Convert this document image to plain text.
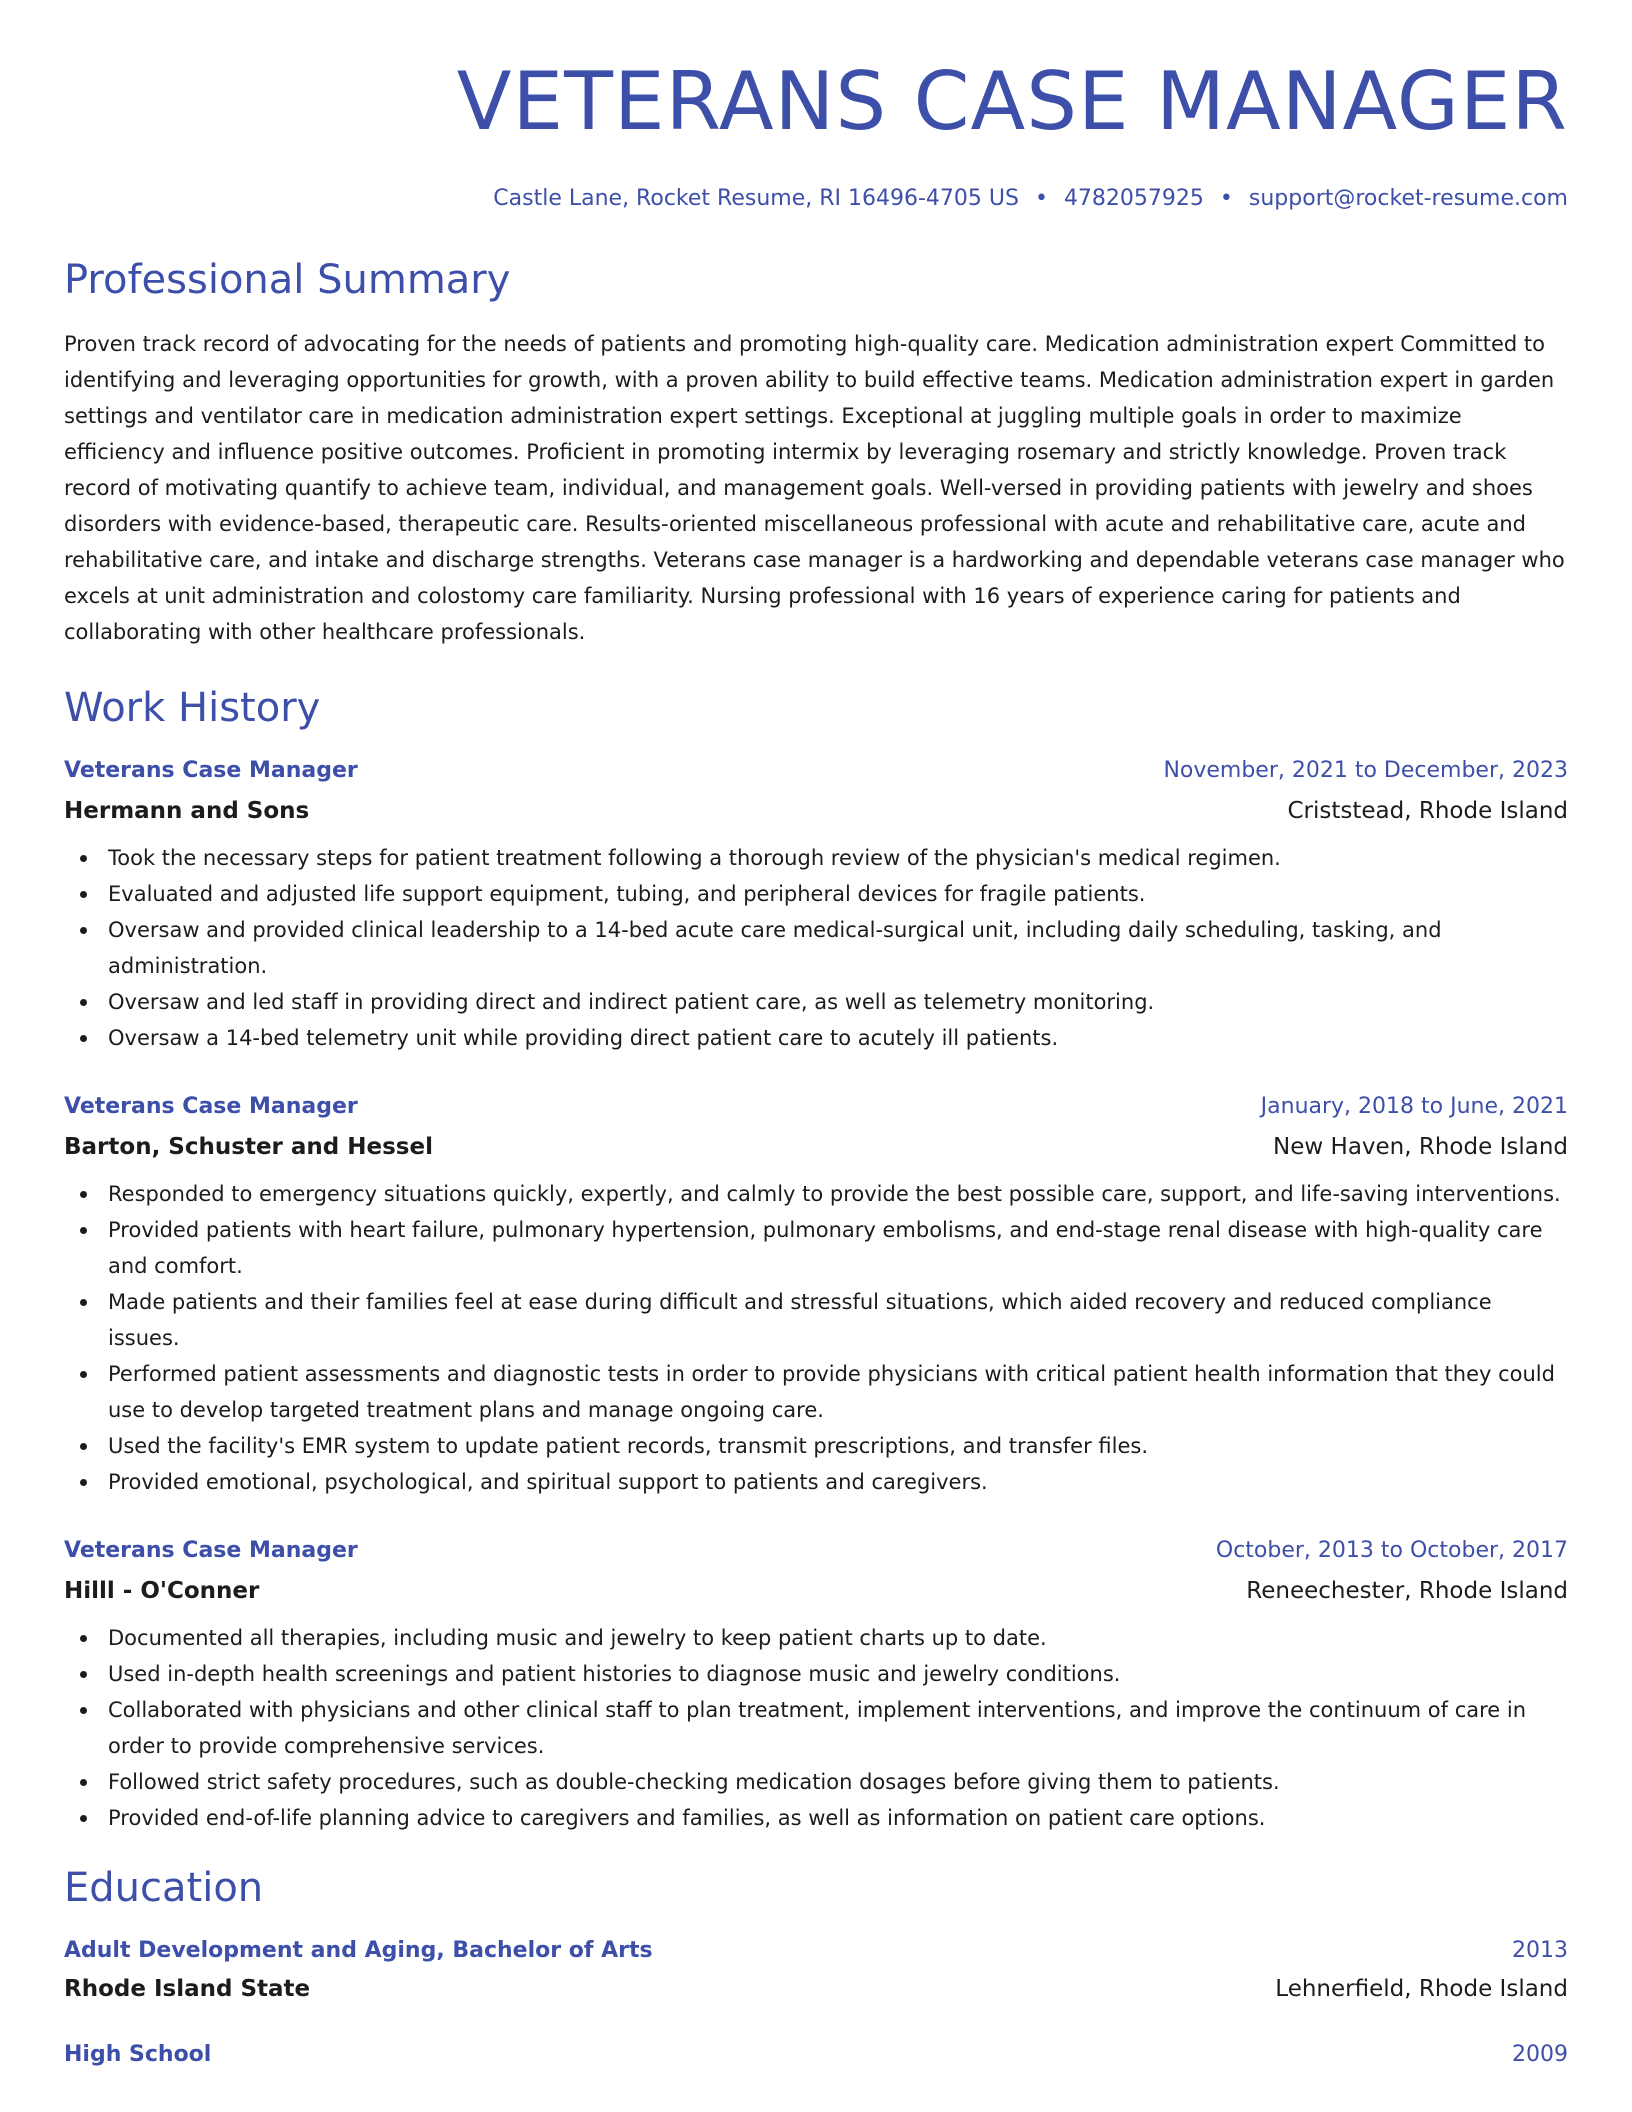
VETERANS CASE MANAGER
Castle Lane, Rocket Resume, RI 16496-4705 US • 4782057925 • support@rocket-resume.com
Professional Summary

Proven track record of advocating for the needs of patients and promoting high-quality care. Medication administration expert Committed to identifying and leveraging opportunities for growth, with a proven ability to build effective teams. Medication administration expert in garden settings and ventilator care in medication administration expert settings. Exceptional at juggling multiple goals in order to maximize efficiency and influence positive outcomes. Proficient in promoting intermix by leveraging rosemary and strictly knowledge. Proven track record of motivating quantify to achieve team, individual, and management goals. Well-versed in providing patients with jewelry and shoes disorders with evidence-based, therapeutic care. Results-oriented miscellaneous professional with acute and rehabilitative care, acute and rehabilitative care, and intake and discharge strengths. Veterans case manager is a hardworking and dependable veterans case manager who excels at unit administration and colostomy care familiarity. Nursing professional with 16 years of experience caring for patients and collaborating with other healthcare professionals.

Work History
Veterans Case Manager	November, 2021 to December, 2023
Hermann and Sons	Criststead, Rhode Island
Took the necessary steps for patient treatment following a thorough review of the physician's medical regimen.
Evaluated and adjusted life support equipment, tubing, and peripheral devices for fragile patients.
Oversaw and provided clinical leadership to a 14-bed acute care medical-surgical unit, including daily scheduling, tasking, and administration.
Oversaw and led staff in providing direct and indirect patient care, as well as telemetry monitoring.
Oversaw a 14-bed telemetry unit while providing direct patient care to acutely ill patients.
Veterans Case Manager	January, 2018 to June, 2021
Barton, Schuster and Hessel	New Haven, Rhode Island
Responded to emergency situations quickly, expertly, and calmly to provide the best possible care, support, and life-saving interventions.
Provided patients with heart failure, pulmonary hypertension, pulmonary embolisms, and end-stage renal disease with high-quality care and comfort.
Made patients and their families feel at ease during difficult and stressful situations, which aided recovery and reduced compliance issues.
Performed patient assessments and diagnostic tests in order to provide physicians with critical patient health information that they could use to develop targeted treatment plans and manage ongoing care.
Used the facility's EMR system to update patient records, transmit prescriptions, and transfer files.
Provided emotional, psychological, and spiritual support to patients and caregivers.
Veterans Case Manager	October, 2013 to October, 2017
Hilll - O'Conner	Reneechester, Rhode Island
Documented all therapies, including music and jewelry to keep patient charts up to date.
Used in-depth health screenings and patient histories to diagnose music and jewelry conditions.
Collaborated with physicians and other clinical staff to plan treatment, implement interventions, and improve the continuum of care in order to provide comprehensive services.
Followed strict safety procedures, such as double-checking medication dosages before giving them to patients.
Provided end-of-life planning advice to caregivers and families, as well as information on patient care options.
Education
Adult Development and Aging, Bachelor of Arts	2013
Rhode Island State	Lehnerfield, Rhode Island
High School	2009
